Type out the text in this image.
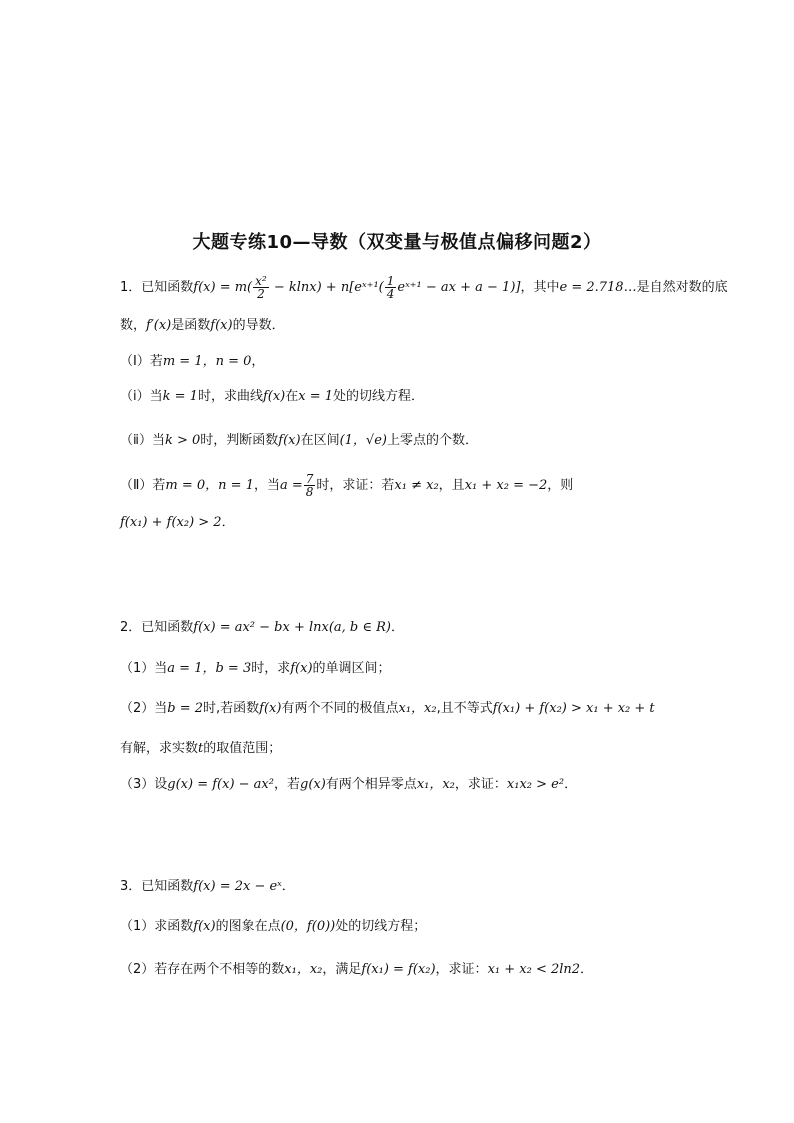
大题专练10—导数（双变量与极值点偏移问题2）
1．已知函数$f(x) = m( \frac{\text{x²}}{2} - klnx)$ + n[eˣ⁺¹( $\frac{1}{4}$ eˣ⁺¹ − ax + a − 1)]，其中e = 2.718…是自然对数的底
数，f′(x)是函数f(x)的导数．
（Ⅰ）若m = 1，n = 0，
（ⅰ）当k = 1时，求曲线f(x)在x = 1处的切线方程．
（ⅱ）当k > 0时，判断函数f(x)在区间(1，√e)上零点的个数．
（Ⅱ）若m = 0，n = 1，当$a = \frac{7}{8}$ 时，求证：若x₁ ≠ x₂，且x₁ + x₂ = −2，则
f(x₁) + f(x₂) > 2．
2．已知函数f(x) = ax² − bx + lnx(a, b ∈ R)．
（1）当a = 1，b = 3时，求f(x)的单调区间；
（2）当b = 2时,若函数f(x)有两个不同的极值点x₁，x₂,且不等式f(x₁) + f(x₂) > x₁ + x₂ + t
有解，求实数t的取值范围；
（3）设g(x) = f(x) − ax²，若g(x)有两个相异零点x₁，x₂，求证：x₁x₂ > e²．
3．已知函数f(x) = 2x − eˣ．
（1）求函数f(x)的图象在点(0，f(0))处的切线方程；
（2）若存在两个不相等的数x₁，x₂，满足f(x₁) = f(x₂)，求证：x₁ + x₂ < 2ln2．
